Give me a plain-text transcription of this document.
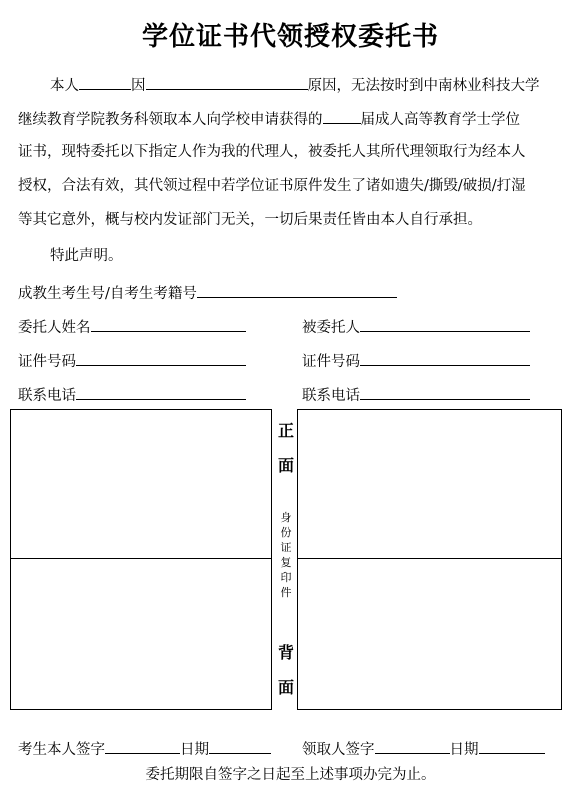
学位证书代领授权委托书
本人	因	原因，无法按时到中南林业科技大学
继续教育学院教务科领取本人向学校申请获得的	届成人高等教育学士学位
证书，现特委托以下指定人作为我的代理人，被委托人其所代理领取行为经本人
授权，合法有效，其代领过程中若学位证书原件发生了诸如遗失/撕毁/破损/打湿
等其它意外，概与校内发证部门无关，一切后果责任皆由本人自行承担。
特此声明。
成教生考生号/自考生考籍号
委托人姓名	被委托人
证件号码	证件号码
联系电话	联系电话
正
面
身
份
证
复
印
件
背
面
考生本人签字	日期	领取人签字	日期
委托期限自签字之日起至上述事项办完为止。
